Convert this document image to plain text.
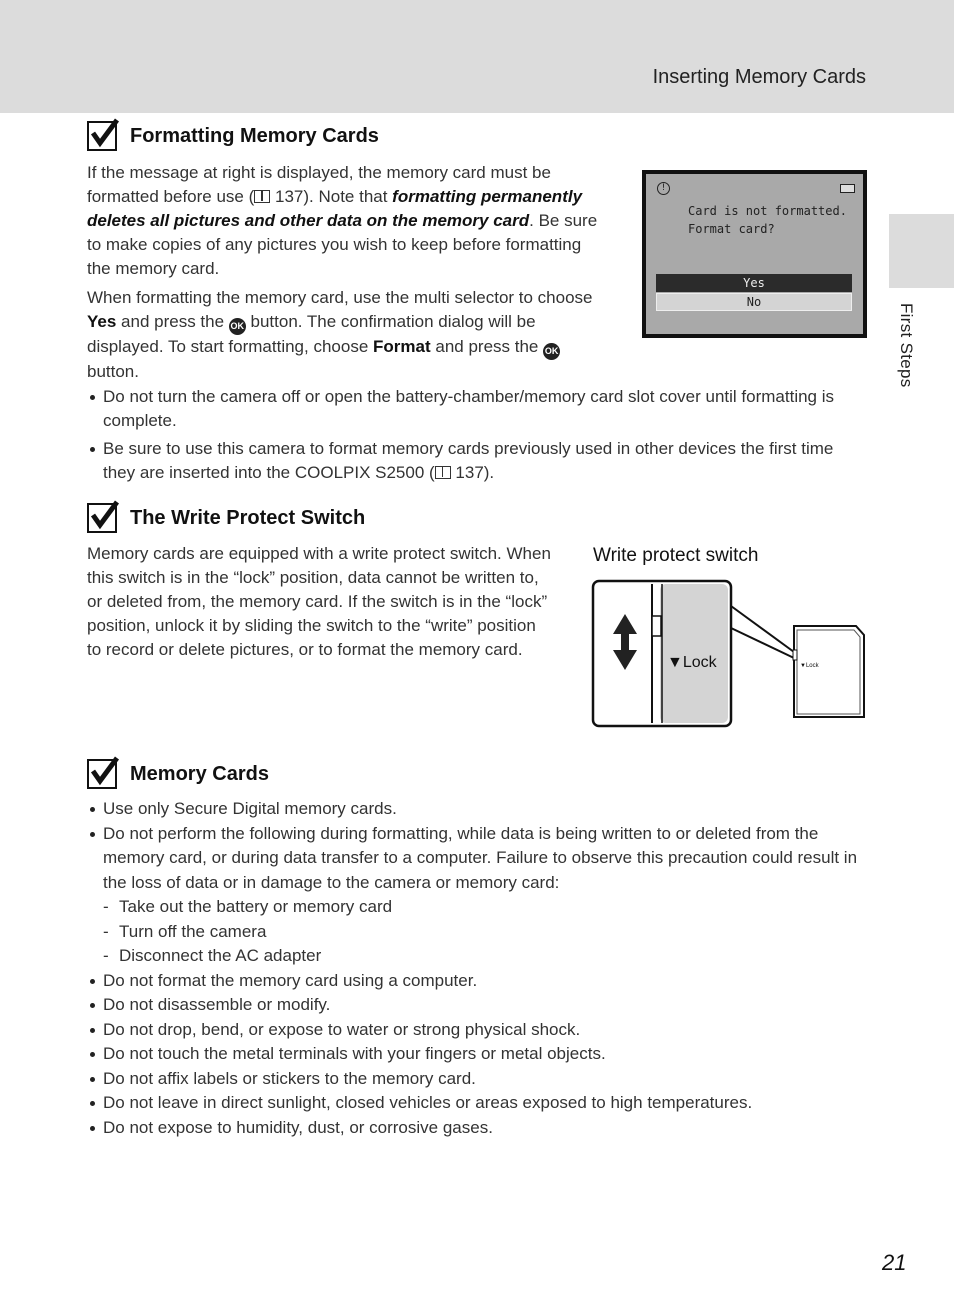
Inserting Memory Cards
First Steps
Formatting Memory Cards
If the message at right is displayed, the memory card must be
formatted before use ( 137). Note that formatting permanently
deletes all pictures and other data on the memory card. Be sure
to make copies of any pictures you wish to keep before formatting
the memory card.
When formatting the memory card, use the multi selector to choose
Yes and press the OK button. The confirmation dialog will be
displayed. To start formatting, choose Format and press the OK
button.
!
Card is not formatted.
Format card?
Yes
No
Do not turn the camera off or open the battery-chamber/memory card slot cover until formatting is complete.
Be sure to use this camera to format memory cards previously used in other devices the first time they are inserted into the COOLPIX S2500 ( 137).
The Write Protect Switch
Memory cards are equipped with a write protect switch. When
this switch is in the “lock” position, data cannot be written to,
or deleted from, the memory card. If the switch is in the “lock”
position, unlock it by sliding the switch to the “write” position
to record or delete pictures, or to format the memory card.
Write protect switch
▼Lock	▼Lock
Memory Cards
Use only Secure Digital memory cards.
Do not perform the following during formatting, while data is being written to or deleted from the memory card, or during data transfer to a computer. Failure to observe this precaution could result in the loss of data or in damage to the camera or memory card:
- Take out the battery or memory card
- Turn off the camera
- Disconnect the AC adapter
Do not format the memory card using a computer.
Do not disassemble or modify.
Do not drop, bend, or expose to water or strong physical shock.
Do not touch the metal terminals with your fingers or metal objects.
Do not affix labels or stickers to the memory card.
Do not leave in direct sunlight, closed vehicles or areas exposed to high temperatures.
Do not expose to humidity, dust, or corrosive gases.
21
